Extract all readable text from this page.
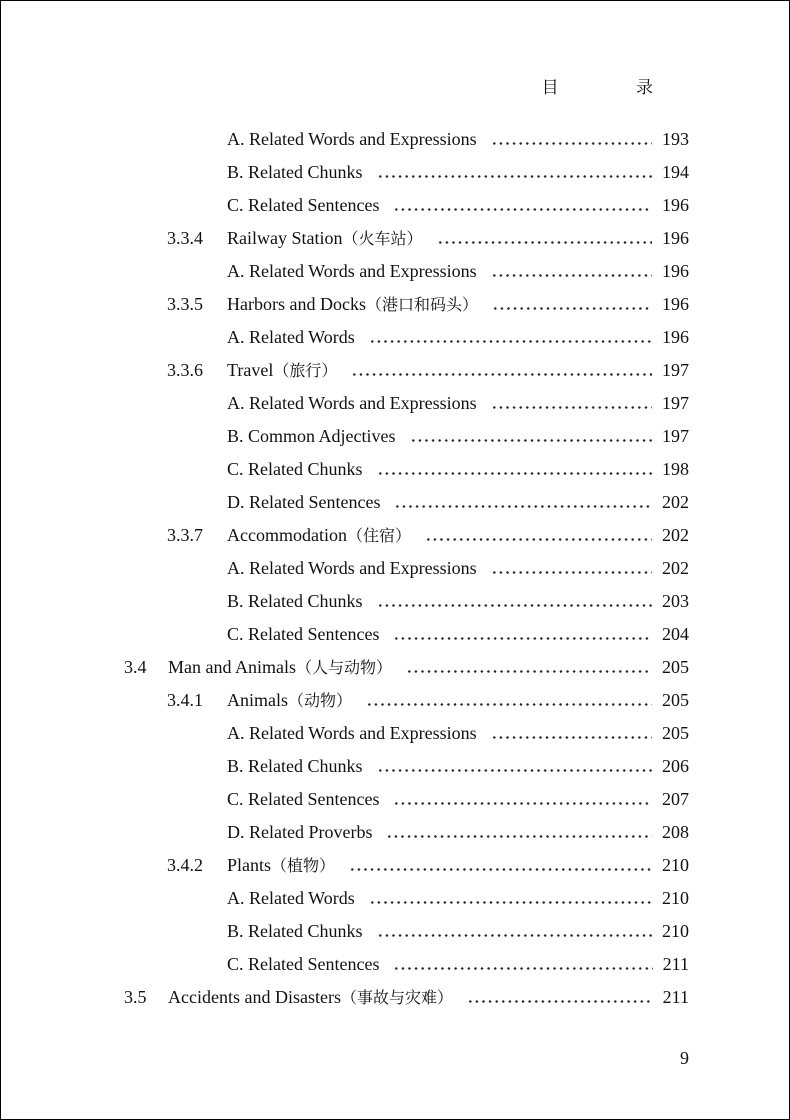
目 录
A. Related Words and Expressions	193
B. Related Chunks	194
C. Related Sentences	196
3.3.4 Railway Station（火车站）	196
A. Related Words and Expressions	196
3.3.5 Harbors and Docks（港口和码头）	196
A. Related Words	196
3.3.6 Travel（旅行）	197
A. Related Words and Expressions	197
B. Common Adjectives	197
C. Related Chunks	198
D. Related Sentences	202
3.3.7 Accommodation（住宿）	202
A. Related Words and Expressions	202
B. Related Chunks	203
C. Related Sentences	204
3.4 Man and Animals（人与动物）	205
3.4.1 Animals（动物）	205
A. Related Words and Expressions	205
B. Related Chunks	206
C. Related Sentences	207
D. Related Proverbs	208
3.4.2 Plants（植物）	210
A. Related Words	210
B. Related Chunks	210
C. Related Sentences	211
3.5 Accidents and Disasters（事故与灾难）	211
9
